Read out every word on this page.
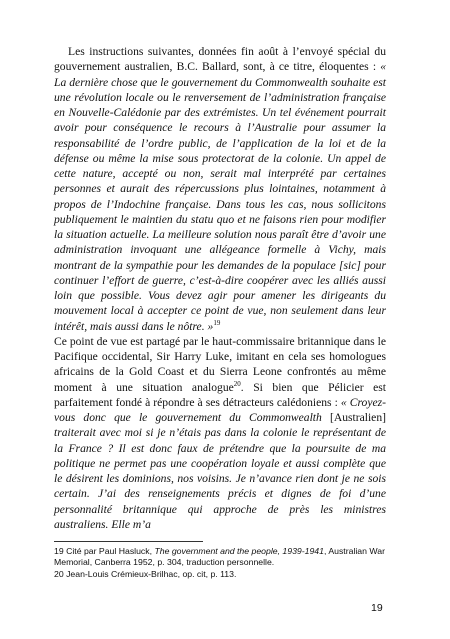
Les instructions suivantes, données fin août à l’envoyé spécial du gouvernement australien, B.C. Ballard, sont, à ce titre, éloquentes : « La dernière chose que le gouvernement du Commonwealth souhaite est une révolution locale ou le renversement de l’administration française en Nouvelle-Calédonie par des extrémistes. Un tel événement pourrait avoir pour conséquence le recours à l’Australie pour assumer la responsabilité de l’ordre public, de l’application de la loi et de la défense ou même la mise sous protectorat de la colonie. Un appel de cette nature, accepté ou non, serait mal interprété par certaines personnes et aurait des répercussions plus lointaines, notamment à propos de l’Indochine française. Dans tous les cas, nous sollicitons publiquement le maintien du statu quo et ne faisons rien pour modifier la situation actuelle. La meilleure solution nous paraît être d’avoir une administration invoquant une allégeance formelle à Vichy, mais montrant de la sympathie pour les demandes de la populace [sic] pour continuer l’effort de guerre, c’est-à-dire coopérer avec les alliés aussi loin que possible. Vous devez agir pour amener les dirigeants du mouvement local à accepter ce point de vue, non seulement dans leur intérêt, mais aussi dans le nôtre. »$^{19}$
Ce point de vue est partagé par le haut-commissaire britannique dans le Pacifique occidental, Sir Harry Luke, imitant en cela ses homologues africains de la Gold Coast et du Sierra Leone confrontés au même moment à une situation analogue$^{20}$. Si bien que Pélicier est parfaitement fondé à répondre à ses détracteurs calédoniens : « Croyez-vous donc que le gouvernement du Commonwealth [Australien] traiterait avec moi si je n’étais pas dans la colonie le représentant de la France ? Il est donc faux de prétendre que la poursuite de ma politique ne permet pas une coopération loyale et aussi complète que le désirent les dominions, nos voisins. Je n’avance rien dont je ne sois certain. J’ai des renseignements précis et dignes de foi d’une personnalité britannique qui approche de près les ministres australiens. Elle m’a

19 Cité par Paul Hasluck, The government and the people, 1939-1941, Australian War Memorial, Canberra 1952, p. 304, traduction personnelle.

20 Jean-Louis Crémieux-Brilhac, op. cit, p. 113.

19
